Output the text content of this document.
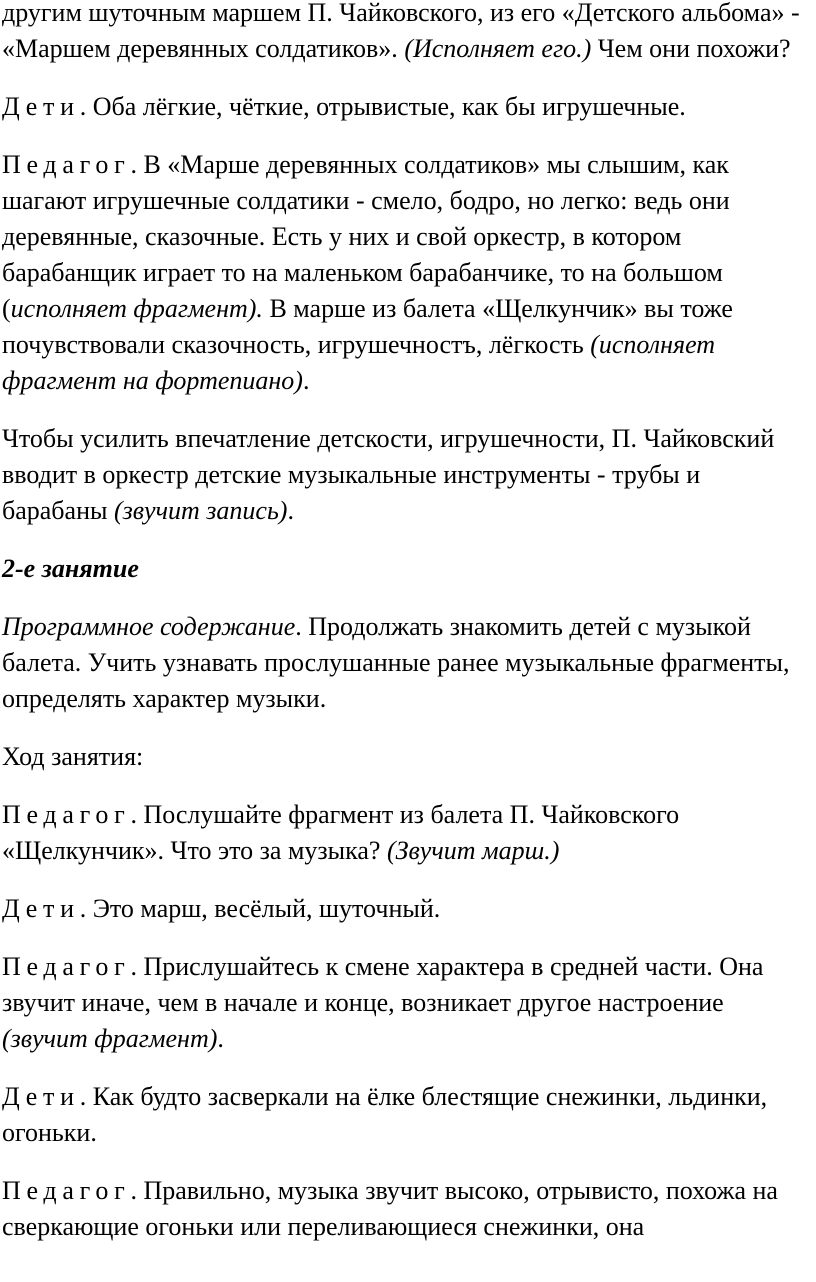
другим шуточным маршем П. Чайковского, из его «Детского альбома» - «Маршем деревянных солдатиков». (Исполняет его.) Чем они похожи?

Дети. Оба лёгкие, чёткие, отрывистые, как бы игрушечные.

Педагог. В «Марше деревянных солдатиков» мы слышим, как шагают игрушечные солдатики - смело, бодро, но легко: ведь они деревянные, сказочные. Есть у них и свой оркестр, в котором барабанщик играет то на маленьком барабанчике, то на большом (исполняет фрагмент). В марше из балета «Щелкунчик» вы тоже почувствовали сказочность, игрушечностъ, лёгкость (исполняет фрагмент на фортепиано).

Чтобы усилить впечатление детскости, игрушечности, П. Чайковский вводит в оркестр детские музыкальные инструменты - трубы и барабаны (звучит запись).

2-е занятие

Программное содержание. Продолжать знакомить детей с музыкой балета. Учить узнавать прослушанные ранее музыкальные фрагменты, определять характер музыки.

Ход занятия:

Педагог. Послушайте фрагмент из балета П. Чайковского «Щелкунчик». Что это за музыка? (Звучит марш.)

Дети. Это марш, весёлый, шуточный.

Педагог. Прислушайтесь к смене характера в средней части. Она звучит иначе, чем в начале и конце, возникает другое настроение (звучит фрагмент).

Дети. Как будто засверкали на ёлке блестящие снежинки, льдинки, огоньки.

Педагог. Правильно, музыка звучит высоко, отрывисто, похожа на сверкающие огоньки или переливающиеся снежинки, она
